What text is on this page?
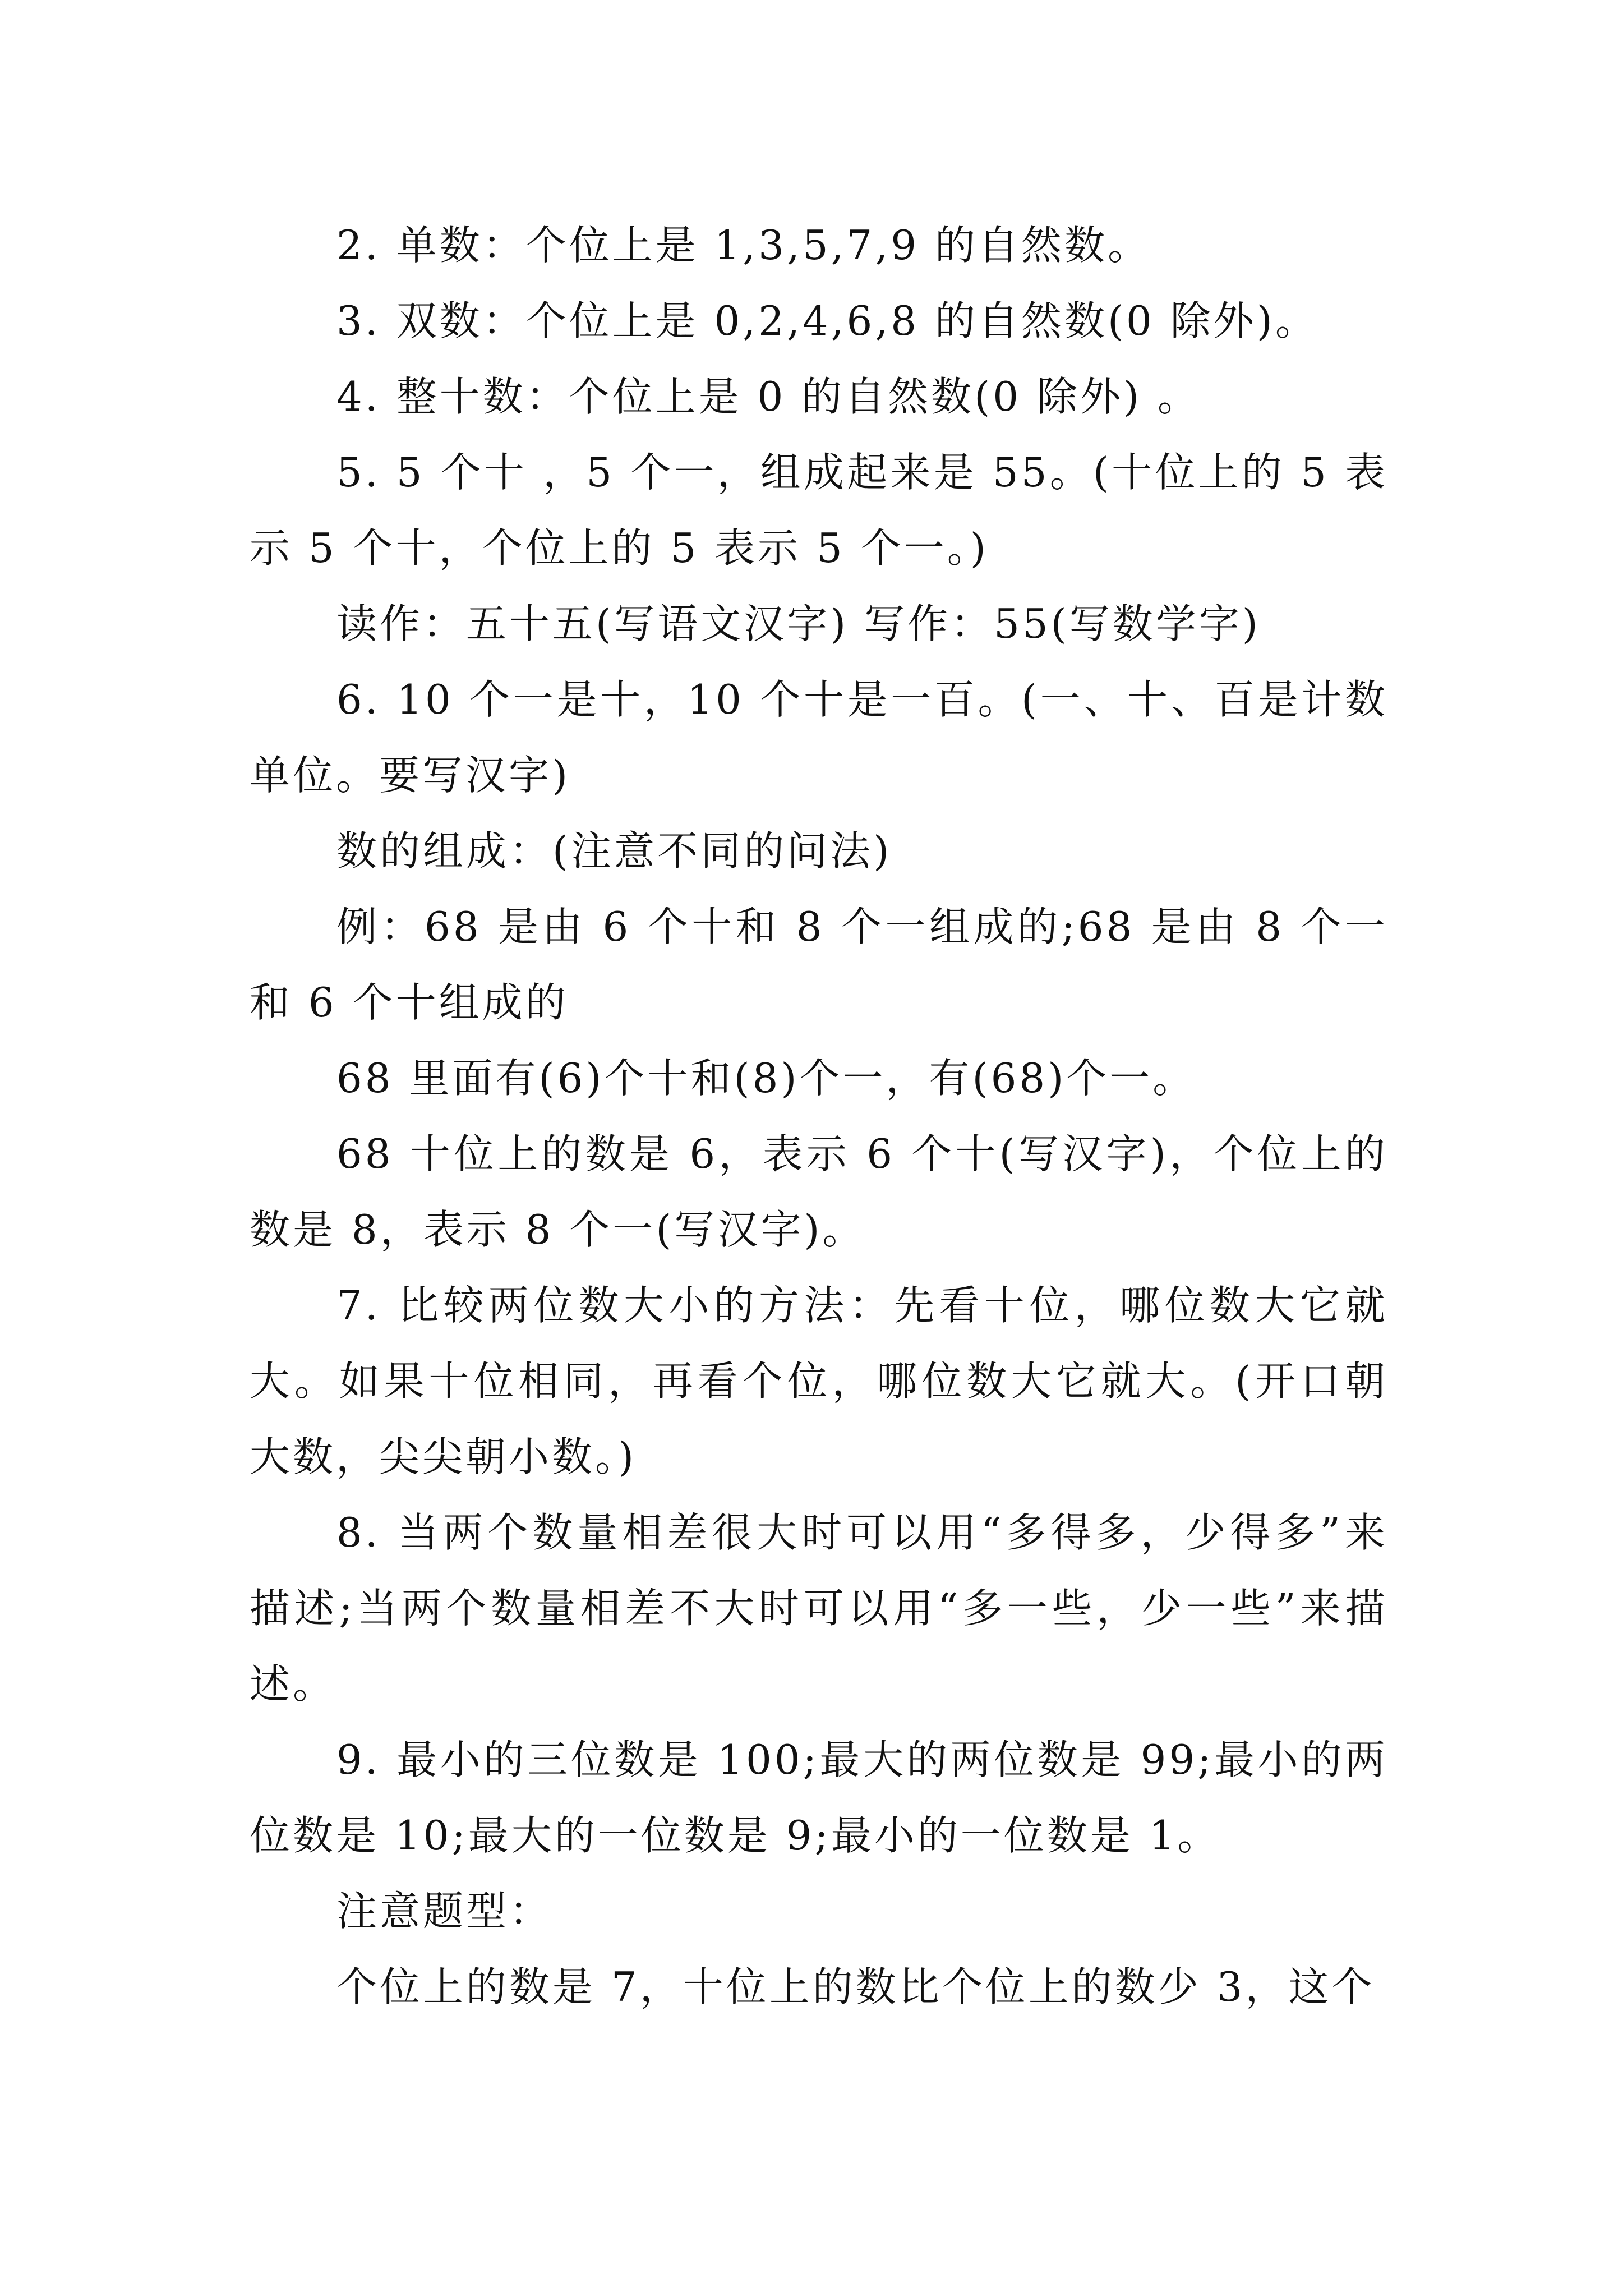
2. 单数：个位上是 1,3,5,7,9 的自然数。

3. 双数：个位上是 0,2,4,6,8 的自然数(0 除外)。

4. 整十数：个位上是 0 的自然数(0 除外) 。

5. 5 个十 ，5 个一，组成起来是 55。(十位上的 5 表示 5 个十，个位上的 5 表示 5 个一。)

读作：五十五(写语文汉字) 写作：55(写数学字)

6. 10 个一是十，10 个十是一百。(一、十、百是计数单位。要写汉字)

数的组成：(注意不同的问法)

例：68 是由 6 个十和 8 个一组成的;68 是由 8 个一和 6 个十组成的

68 里面有(6)个十和(8)个一，有(68)个一。

68 十位上的数是 6，表示 6 个十(写汉字)，个位上的数是 8，表示 8 个一(写汉字)。

7. 比较两位数大小的方法：先看十位，哪位数大它就大。如果十位相同，再看个位，哪位数大它就大。(开口朝大数，尖尖朝小数。)

8. 当两个数量相差很大时可以用“多得多，少得多”来描述;当两个数量相差不大时可以用“多一些，少一些”来描述。

9. 最小的三位数是 100;最大的两位数是 99;最小的两位数是 10;最大的一位数是 9;最小的一位数是 1。

注意题型：

个位上的数是 7，十位上的数比个位上的数少 3，这个
